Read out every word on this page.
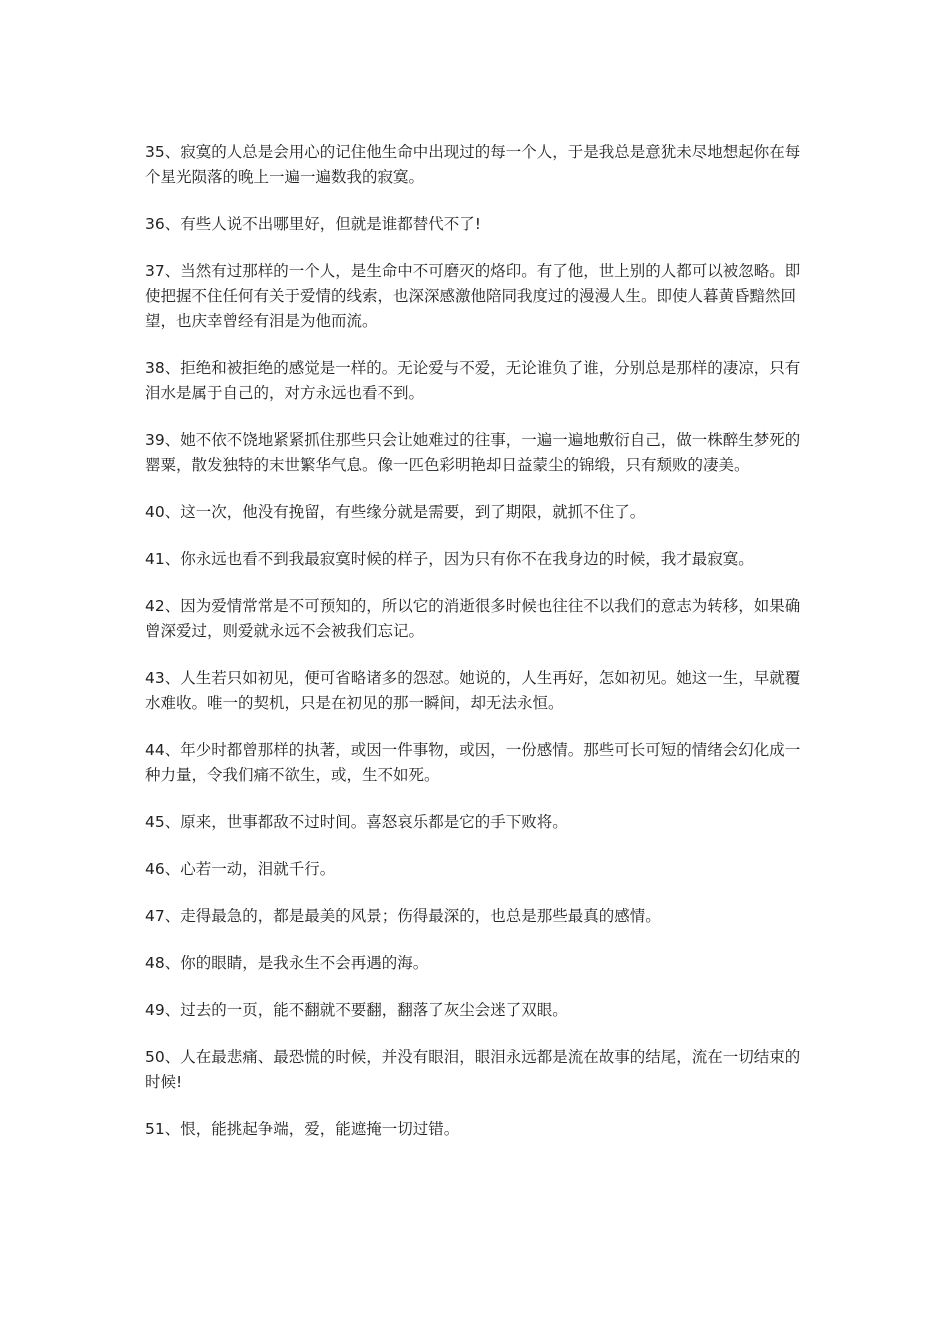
35、寂寞的人总是会用心的记住他生命中出现过的每一个人，于是我总是意犹未尽地想起你在每个星光陨落的晚上一遍一遍数我的寂寞。

36、有些人说不出哪里好，但就是谁都替代不了!

37、当然有过那样的一个人，是生命中不可磨灭的烙印。有了他，世上别的人都可以被忽略。即使把握不住任何有关于爱情的线索，也深深感激他陪同我度过的漫漫人生。即使人暮黄昏黯然回望，也庆幸曾经有泪是为他而流。

38、拒绝和被拒绝的感觉是一样的。无论爱与不爱，无论谁负了谁，分别总是那样的凄凉，只有泪水是属于自己的，对方永远也看不到。

39、她不依不饶地紧紧抓住那些只会让她难过的往事，一遍一遍地敷衍自己，做一株醉生梦死的罂粟，散发独特的末世繁华气息。像一匹色彩明艳却日益蒙尘的锦缎，只有颓败的凄美。

40、这一次，他没有挽留，有些缘分就是需要，到了期限，就抓不住了。

41、你永远也看不到我最寂寞时候的样子，因为只有你不在我身边的时候，我才最寂寞。

42、因为爱情常常是不可预知的，所以它的消逝很多时候也往往不以我们的意志为转移，如果确曾深爱过，则爱就永远不会被我们忘记。

43、人生若只如初见，便可省略诸多的怨怼。她说的，人生再好，怎如初见。她这一生，早就覆水难收。唯一的契机，只是在初见的那一瞬间，却无法永恒。

44、年少时都曾那样的执著，或因一件事物，或因，一份感情。那些可长可短的情绪会幻化成一种力量，令我们痛不欲生，或，生不如死。

45、原来，世事都敌不过时间。喜怒哀乐都是它的手下败将。

46、心若一动，泪就千行。

47、走得最急的，都是最美的风景；伤得最深的，也总是那些最真的感情。

48、你的眼睛，是我永生不会再遇的海。

49、过去的一页，能不翻就不要翻，翻落了灰尘会迷了双眼。

50、人在最悲痛、最恐慌的时候，并没有眼泪，眼泪永远都是流在故事的结尾，流在一切结束的时候!

51、恨，能挑起争端，爱，能遮掩一切过错。
